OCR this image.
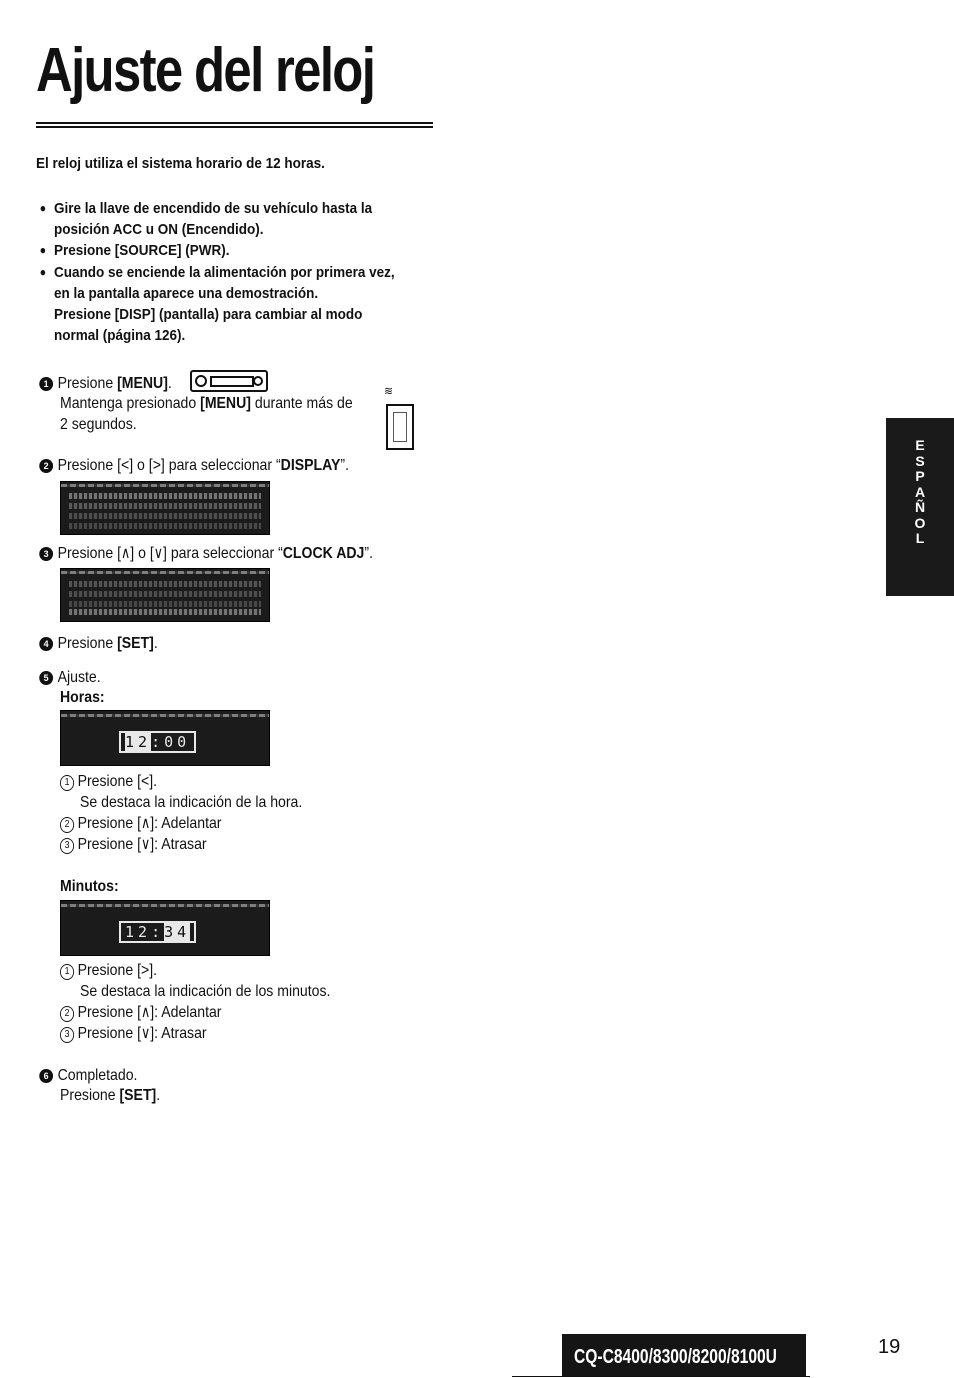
Ajuste del reloj
El reloj utiliza el sistema horario de 12 horas.
● Gire la llave de encendido de su vehículo hasta la
posición ACC u ON (Encendido).
● Presione [SOURCE] (PWR).
● Cuando se enciende la alimentación por primera vez,
en la pantalla aparece una demostración.
Presione [DISP] (pantalla) para cambiar al modo
normal (página 126).
1 Presione [MENU].
Mantenga presionado [MENU] durante más de
2 segundos.
≋
2 Presione [<] o [>] para seleccionar “DISPLAY”.
3 Presione [∧] o [∨] para seleccionar “CLOCK ADJ”.
4 Presione [SET].
5 Ajuste.
Horas:
12:00
1 Presione [<].
Se destaca la indicación de la hora.
2 Presione [∧]: Adelantar
3 Presione [∨]: Atrasar
Minutos:
12:34
1 Presione [>].
Se destaca la indicación de los minutos.
2 Presione [∧]: Adelantar
3 Presione [∨]: Atrasar
6 Completado.
Presione [SET].
E
S
P
A
Ñ
O
L
CQ-C8400/8300/8200/8100U	19
